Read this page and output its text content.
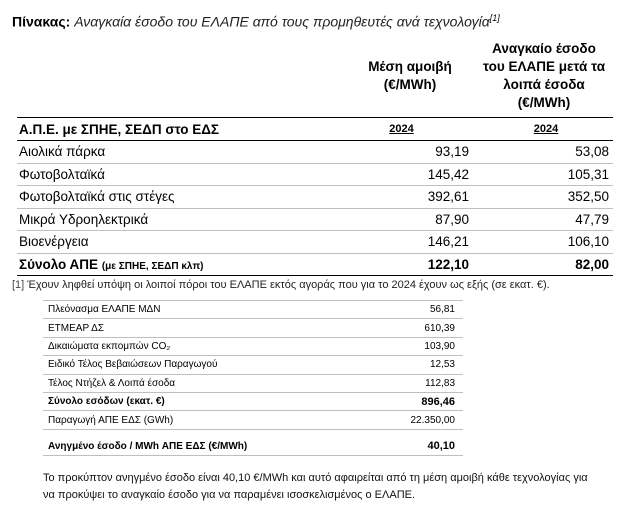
Πίνακας: Αναγκαία έσοδο του ΕΛΑΠΕ από τους προμηθευτές ανά τεχνολογία[1]
Μέση αμοιβή
(€/MWh)
Αναγκαίο έσοδο
του ΕΛΑΠΕ μετά τα
λοιπά έσοδα
(€/MWh)
Α.Π.Ε. με ΣΠΗΕ, ΣΕΔΠ στο ΕΔΣ	2024	2024
Αιολικά πάρκα	93,19	53,08
Φωτοβολταϊκά	145,42	105,31
Φωτοβολταϊκά στις στέγες	392,61	352,50
Μικρά Υδροηλεκτρικά	87,90	47,79
Βιοενέργεια	146,21	106,10
Σύνολο ΑΠΕ (με ΣΠΗΕ, ΣΕΔΠ κλπ)	122,10	82,00
[1] Έχουν ληφθεί υπόψη οι λοιποί πόροι του ΕΛΑΠΕ εκτός αγοράς που για το 2024 έχουν ως εξής (σε εκατ. €).
Πλεόνασμα ΕΛΑΠΕ ΜΔΝ	56,81
ΕΤΜΕΑΡ ΔΣ	610,39
Δικαιώματα εκπομπών CO₂	103,90
Ειδικό Τέλος Βεβαιώσεων Παραγωγού	12,53
Τέλος Ντήζελ & Λοιπά έσοδα	112,83
Σύνολο εσόδων (εκατ. €)	896,46
Παραγωγή ΑΠΕ ΕΔΣ (GWh)	22.350,00

Ανηγμένο έσοδο / MWh ΑΠΕ ΕΔΣ (€/MWh)	40,10
Το προκύπτον ανηγμένο έσοδο είναι 40,10 €/MWh και αυτό αφαιρείται από τη μέση αμοιβή κάθε τεχνολογίας για
να προκύψει το αναγκαίο έσοδο για να παραμένει ισοσκελισμένος ο ΕΛΑΠΕ.
